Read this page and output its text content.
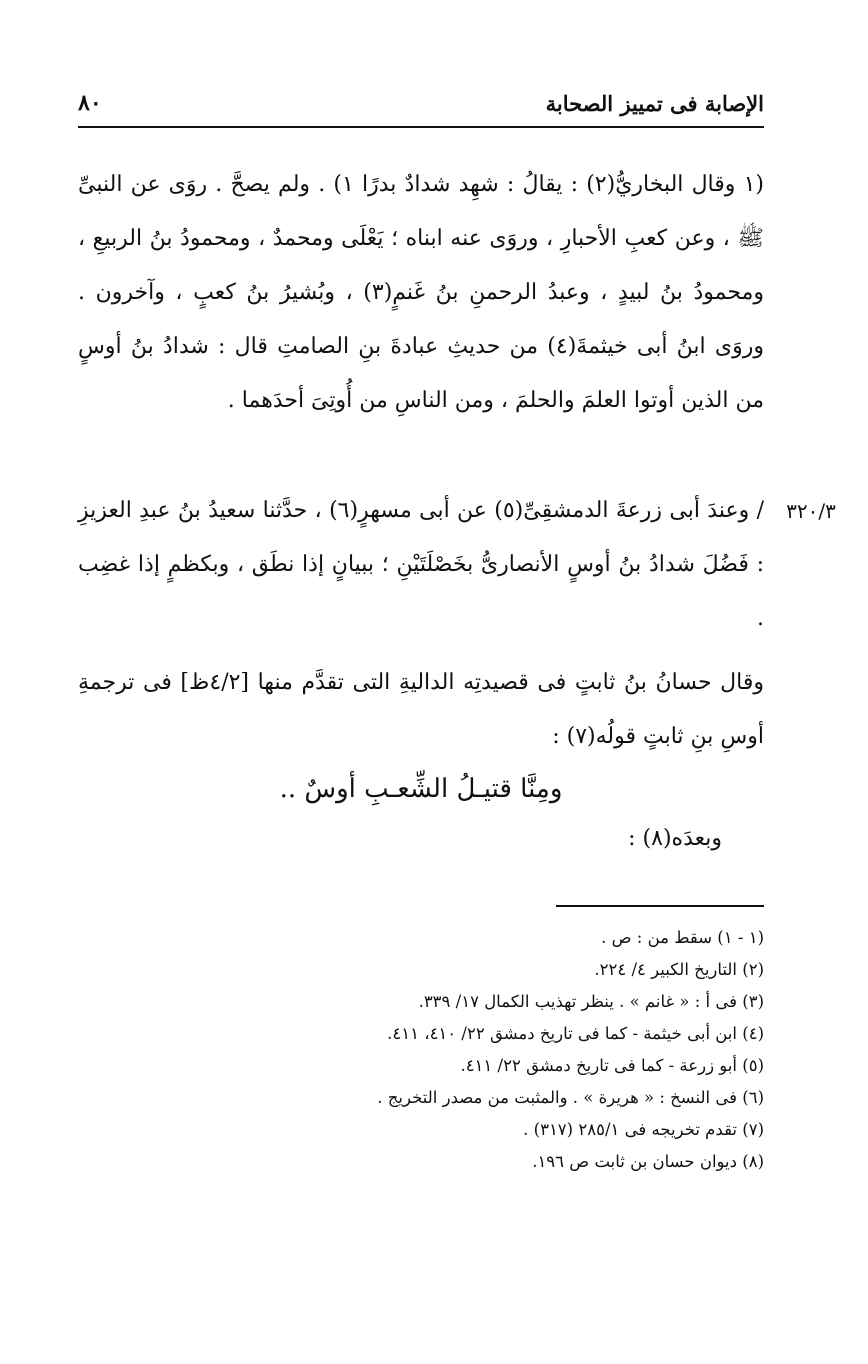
الإصابة فى تمييز الصحابة
٨٠

(١ وقال البخاريُّ(٢) : يقالُ : شهِد شدادٌ بدرًا ١) . ولم يصحَّ . روَى عن النبىِّ ﷺ ، وعن كعبِ الأحبارِ ، وروَى عنه ابناه ؛ يَعْلَى ومحمدٌ ، ومحمودُ بنُ الربيعِ ، ومحمودُ بنُ لبيدٍ ، وعبدُ الرحمنِ بنُ غَنمٍ(٣) ، وبُشيرُ بنُ كعبٍ ، وآخرون . وروَى ابنُ أبى خيثمةَ(٤) من حديثِ عبادةَ بنِ الصامتِ قال : شدادُ بنُ أوسٍ من الذين أوتوا العلمَ والحلمَ ، ومن الناسِ من أُوتِىَ أحدَهما .

٣٢٠/٣

/ وعندَ أبى زرعةَ الدمشقِىِّ(٥) عن أبى مسهرٍ(٦) ، حدَّثنا سعيدُ بنُ عبدِ العزيزِ : فَضُلَ شدادُ بنُ أوسٍ الأنصارىُّ بخَصْلَتَيْنِ ؛ ببيانٍ إذا نطَق ، وبكظمٍ إذا غضِب .

وقال حسانُ بنُ ثابتٍ فى قصيدتِه الداليةِ التى تقدَّم منها [٤/٢ظ] فى ترجمةِ أوسِ بنِ ثابتٍ قولُه(٧) :

ومِنَّا قتيـلُ الشِّعـبِ أوسٌ ..
وبعدَه(٨) :
(١ - ١) سقط من : ص .
(٢) التاريخ الكبير ٤/ ٢٢٤.
(٣) فى أ : « غانم » . ينظر تهذيب الكمال ١٧/ ٣٣٩.
(٤) ابن أبى خيثمة - كما فى تاريخ دمشق ٢٢/ ٤١٠، ٤١١.
(٥) أبو زرعة - كما فى تاريخ دمشق ٢٢/ ٤١١.
(٦) فى النسخ : « هريرة » . والمثبت من مصدر التخريج .
(٧) تقدم تخريجه فى ٢٨٥/١ (٣١٧) .
(٨) ديوان حسان بن ثابت ص ١٩٦.
